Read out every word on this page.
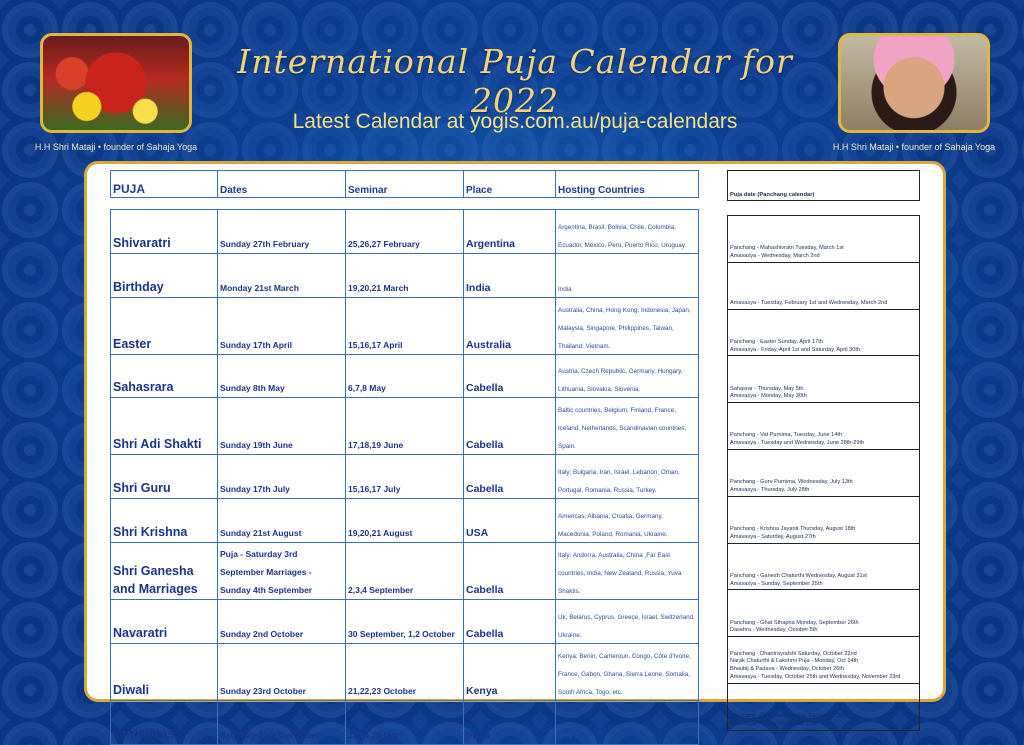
H.H Shri Mataji • founder of Sahaja Yoga	H.H Shri Mataji • founder of Sahaja Yoga
International Puja Calendar for 2022
Latest Calendar at yogis.com.au/puja-calendars
PUJA	Dates	Seminar	Place	Hosting Countries

Shivaratri	Sunday 27th February	25,26,27 February	Argentina	Argentina, Brasil, Bolivia, Chile, Colombia, Ecuador, México, Perú, Puerto Rico, Uruguay.
Birthday	Monday 21st March	19,20,21 March	India	India
Easter	Sunday 17th April	15,16,17 April	Australia	Australia, China, Hong Kong, Indonesia, Japan, Malaysia, Singapore, Philippines, Taiwan, Thailand, Vietnam.
Sahasrara	Sunday 8th May	6,7,8 May	Cabella	Austria, Czech Republic, Germany, Hungary, Lithuania, Slovakia, Slovenia.
Shri Adi Shakti	Sunday 19th June	17,18,19 June	Cabella	Baltic countries, Belgium, Finland, France, Iceland, Netherlands, Scandinavian countries, Spain.
Shri Guru	Sunday 17th July	15,16,17 July	Cabella	Italy; Bulgaria, Iran, Israel, Lebanon, Oman, Portugal, Romania, Russia, Turkey.
Shri Krishna	Sunday 21st August	19,20,21 August	USA	Americas, Albania, Croatia, Germany, Macedonia, Poland, Romania, Ukraine.
Shri Ganesha and Marriages	Puja - Saturday 3rd September Marriages - Sunday 4th September	2,3,4 September	Cabella	Italy; Andorra, Australia, China ,Far East countries, India, New Zealand, Russia, Yuva Shaktis.
Navaratri	Sunday 2nd October	30 September, 1,2 October	Cabella	Uk; Belarus, Cyprus, Greece, Israel, Switzerland, Ukraine.
Diwali	Sunday 23rd October	21,22,23 October	Kenya	Kenya; Benin, Cameroun, Congo, Côte d'Ivoire, France, Gabon, Ghana, Sierra Leone, Somalia, South Africa, Togo, etc.
Christmas	Saturday 25th December	23,24,25 Dec	India	India
Puja date (Panchang calendar)

Panchang - Mahashivratri Tuesday, March 1st
Amavasya - Wednesday, March 2nd

Amavasya - Tuesday, February 1st and Wednesday, March 2nd

Panchang - Easter Sunday, April 17th
Amavasya - Friday, April 1st and Saturday, April 30th

Sahasrar - Thursday, May 5th
Amavasya - Monday, May 30th

Panchang - Vat Purnima, Tuesday, June 14th
Amavasya - Tuesday and Wednesday, June 28th-29th

Panchang - Guru Purnima, Wednesday, July 13th
Amavasya - Thursday, July 28th

Panchang - Krishna Jayanti Thursday, August 18th
Amavasya - Saturday, August 27th

Panchang - Ganesh Chaturthi Wednesday, August 31st
Amavasya - Sunday, September 25th

Panchang - Ghat Sthapna Monday, September 26th
Dasehra - Wednesday, October 5th

Panchang - Dhantrayodshi Saturday, October 22nd
Narak Chaturthi & Lakshmi Puja - Monday, Oct 24th
Bhaubij & Padava - Wednesday, October 26th
Amavasya - Tuesday, October 25th and Wednesday, November 23rd

Panchang - Christmas Sunday, December 25th
Amavasya - Friday, December 23rd
